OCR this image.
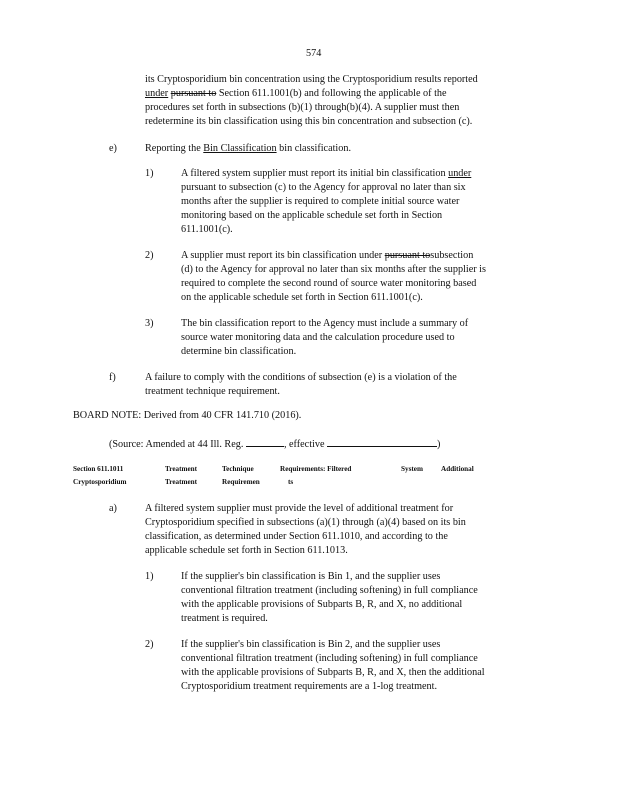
574
its Cryptosporidium bin concentration using the Cryptosporidium results reported
under pursuant to Section 611.1001(b) and following the applicable of the
procedures set forth in subsections (b)(1) through(b)(4). A supplier must then
redetermine its bin classification using this bin concentration and subsection (c).
e)	Reporting the Bin Classification bin classification.
1)	A filtered system supplier must report its initial bin classification under
pursuant to subsection (c) to the Agency for approval no later than six
months after the supplier is required to complete initial source water
monitoring based on the applicable schedule set forth in Section
611.1001(c).
2)	A supplier must report its bin classification under pursuant tosubsection
(d) to the Agency for approval no later than six months after the supplier is
required to complete the second round of source water monitoring based
on the applicable schedule set forth in Section 611.1001(c).
3)	The bin classification report to the Agency must include a summary of
source water monitoring data and the calculation procedure used to
determine bin classification.
f)	A failure to comply with the conditions of subsection (e) is a violation of the
treatment technique requirement.
BOARD NOTE: Derived from 40 CFR 141.710 (2016).
(Source: Amended at 44 Ill. Reg.	, effective	)
Section 611.1011	Treatment	Technique	Requirements: Filtered	System	Additional
Cryptosporidium	Treatment	Requiremen	ts
a)	A filtered system supplier must provide the level of additional treatment for
Cryptosporidium specified in subsections (a)(1) through (a)(4) based on its bin
classification, as determined under Section 611.1010, and according to the
applicable schedule set forth in Section 611.1013.
1)	If the supplier's bin classification is Bin 1, and the supplier uses
conventional filtration treatment (including softening) in full compliance
with the applicable provisions of Subparts B, R, and X, no additional
treatment is required.
2)	If the supplier's bin classification is Bin 2, and the supplier uses
conventional filtration treatment (including softening) in full compliance
with the applicable provisions of Subparts B, R, and X, then the additional
Cryptosporidium treatment requirements are a 1-log treatment.
